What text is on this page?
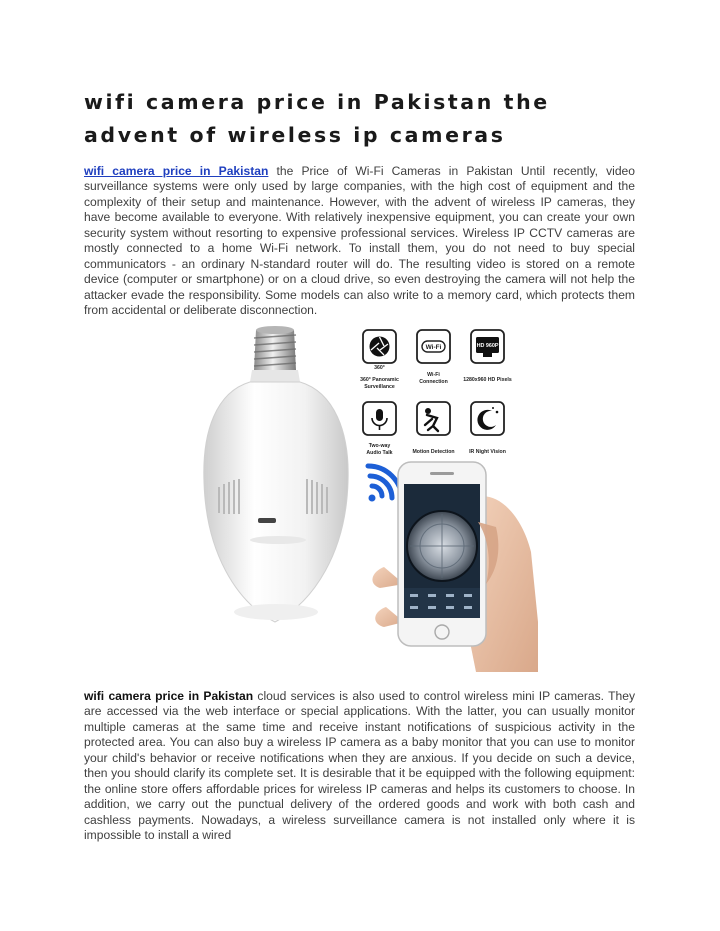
wifi camera price in Pakistan the advent of wireless ip cameras

wifi camera price in Pakistan the Price of Wi-Fi Cameras in Pakistan Until recently, video surveillance systems were only used by large companies, with the high cost of equipment and the complexity of their setup and maintenance. However, with the advent of wireless IP cameras, they have become available to everyone. With relatively inexpensive equipment, you can create your own security system without resorting to expensive professional services. Wireless IP CCTV cameras are mostly connected to a home Wi-Fi network. To install them, you do not need to buy special communicators - an ordinary N-standard router will do. The resulting video is stored on a remote device (computer or smartphone) or on a cloud drive, so even destroying the camera will not help the attacker evade the responsibility. Some models can also write to a memory card, which protects them from accidental or deliberate disconnection.

360°
Wi-Fi	HD 960P
360° Panoramic
Surveillance
Wi-Fi
Connection	1280x960 HD Pixels
Two-way
Audio Talk	Motion Detection	IR Night Vision

wifi camera price in Pakistan cloud services is also used to control wireless mini IP cameras. They are accessed via the web interface or special applications. With the latter, you can usually monitor multiple cameras at the same time and receive instant notifications of suspicious activity in the protected area. You can also buy a wireless IP camera as a baby monitor that you can use to monitor your child's behavior or receive notifications when they are anxious. If you decide on such a device, then you should clarify its complete set. It is desirable that it be equipped with the following equipment: the online store offers affordable prices for wireless IP cameras and helps its customers to choose. In addition, we carry out the punctual delivery of the ordered goods and work with both cash and cashless payments. Nowadays, a wireless surveillance camera is not installed only where it is impossible to install a wired
